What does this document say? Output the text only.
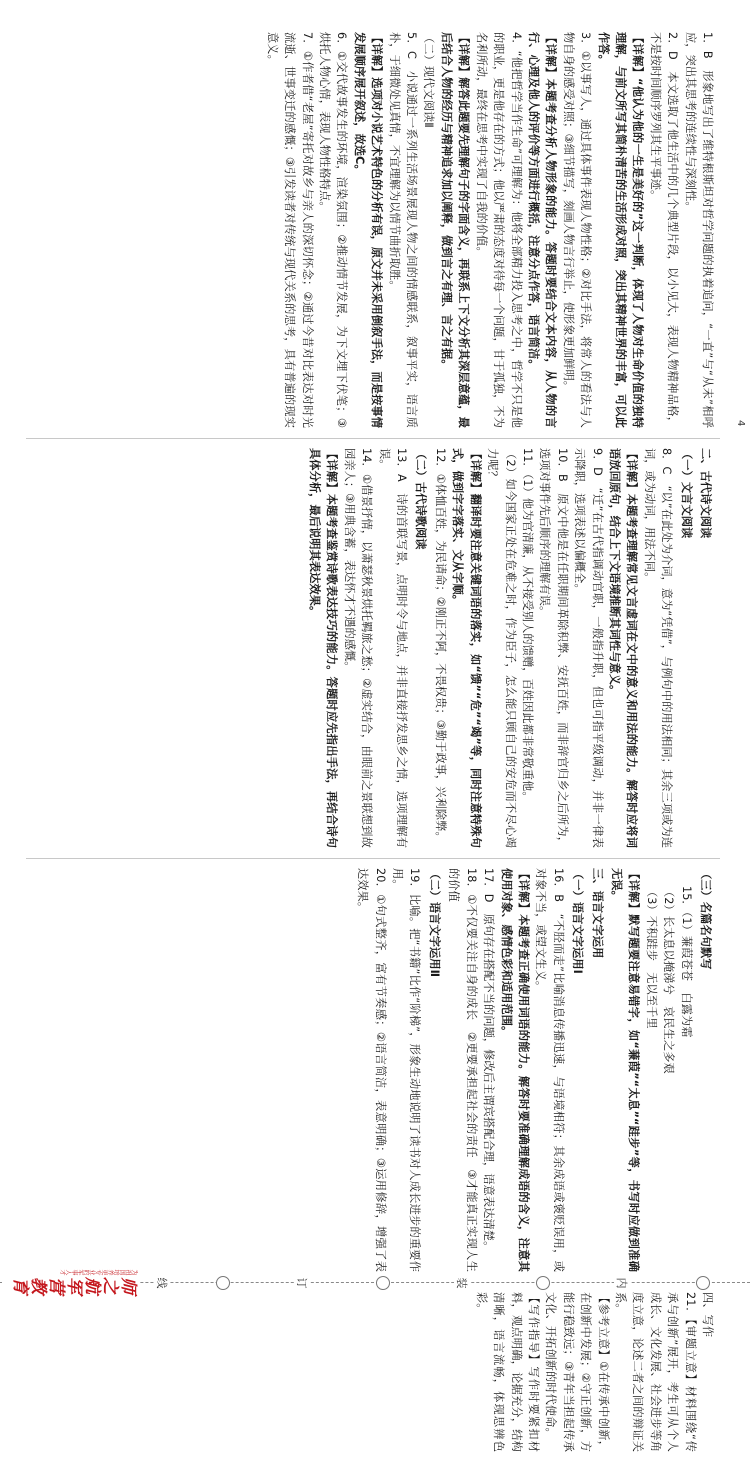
4

1．B　形象地写出了维特根斯坦对哲学问题的执着追问，“一直”与“从未”相呼应，突出其思考的连续性与深刻性。

2．D　本文选取了他生活中的几个典型片段，以小见大，表现人物精神品格，不是按时间顺序罗列其生平事迹。

【详解】“他认为他的一生是美好的”这一判断，体现了人物对生命价值的独特理解，与前文所写其简朴清苦的生活形成对照，突出其精神世界的丰富，可以此作答。

3．①以事写人，通过具体事件表现人物性格；②对比手法，将常人的看法与人物自身的感受对照；③细节描写，刻画人物言行举止，使形象更加鲜明。

【详解】本题考查分析人物形象的能力。答题时要结合文本内容，从人物的言行、心理及他人的评价等方面进行概括，注意分点作答，语言简洁。

4．“他把哲学当作生命”可理解为：他将全部精力投入思考之中，哲学不只是他的职业，更是他存在的方式；他以严肃的态度对待每一个问题，甘于孤独，不为名利所动，最终在思考中实现了自我的价值。

【详解】解答此题要先理解句子的字面含义，再联系上下文分析其深层意蕴，最后结合人物的经历与精神追求加以阐释，做到言之有理、言之有据。

（二）现代文阅读Ⅱ

5．C　小说通过一系列生活场景展现人物之间的情感联系，叙事平实，语言质朴，于细微处见真情，不宜理解为以情节曲折取胜。

【详解】选项对小说艺术特色的分析有误，原文并未采用倒叙手法，而是按事情发展顺序展开叙述，故选C。

6．①交代故事发生的环境，渲染氛围；②推动情节发展，为下文埋下伏笔；③烘托人物心情，表现人物性格特点。

7．①作者借“老屋”寄托对故乡与亲人的深切怀念；②通过今昔对比表达对时光流逝、世事变迁的感慨；③引发读者对传统与现代关系的思考，具有普遍的现实意义。

二、古代诗文阅读

（一）文言文阅读

8．C　“以”在此处为介词，意为“凭借”，与例句中的用法相同；其余三项或为连词，或为动词，用法不同。

【详解】本题考查理解常见文言虚词在文中的意义和用法的能力。解答时应将词语放回原句，结合上下文语境推断其词性与意义。

9．D　“迁”在古代指调动官职，一般指升职，但也可指平级调动，并非一律表示降职，选项表述以偏概全。

10．B　原文中他是在任职期间革除积弊、安抚百姓，而非辞官归乡之后所为，选项对事件先后顺序的理解有误。

11．（1）他为官清廉，从不接受别人的馈赠，百姓因此都非常敬重他。

（2）如今国家正处在危难之时，作为臣子，怎么能只顾自己的安危而不尽心竭力呢？

【详解】翻译时要注意关键词语的落实，如“馈”“危”“竭”等，同时注意特殊句式，做到字字落实、文从字顺。

12．①体恤百姓，为民请命；②刚正不阿，不畏权贵；③勤于政事，兴利除弊。

（二）古代诗歌阅读

13．A　诗的首联写景，点明时令与地点，并非直接抒发思乡之情，选项理解有误。

14．①借景抒情，以萧瑟秋景烘托羁旅之愁；②虚实结合，由眼前之景联想到故园亲人；③用典含蓄，表达怀才不遇的感慨。

【详解】本题考查鉴赏诗歌表达技巧的能力。答题时应先指出手法，再结合诗句具体分析，最后说明其表达效果。

（三）名篇名句默写

15．（1）蒹葭苍苍　白露为霜

（2）长太息以掩涕兮　哀民生之多艰

（3）不积跬步　无以至千里

【详解】默写题要注意易错字，如“蒹葭”“太息”“跬步”等，书写时应做到准确无误。

三、语言文字运用

（一）语言文字运用Ⅰ

16．B　“不胫而走”比喻消息传播迅速，与语境相符；其余成语或褒贬误用，或对象不当，或望文生义。

【详解】本题考查正确使用词语的能力。解答时要准确理解成语的含义，注意其使用对象、感情色彩和适用范围。

17．D　原句存在搭配不当的问题，修改后主谓宾搭配合理，语意表达清楚。

18．①不仅要关注自身的成长　②更要承担起社会的责任　③才能真正实现人生的价值

（二）语言文字运用Ⅱ

19．比喻。把“书籍”比作“阶梯”，形象生动地说明了读书对人成长进步的重要作用。

20．①句式整齐，富有节奏感；②语言简洁，表意明确；③运用修辞，增强了表达效果。

内
装
订
线
师之航军营教育
为祖国培养更专业的军事人才

四、写作

21．【审题立意】材料围绕“传承与创新”展开，考生可从个人成长、文化发展、社会进步等角度立意，论述二者之间的辩证关系。

【参考立意】①在传承中创新，在创新中发展；②守正创新，方能行稳致远；③青年当担起传承文化、开拓创新的时代使命。

【写作指导】写作时要紧扣材料，观点明确，论据充分，结构清晰，语言流畅，体现思辨色彩。
